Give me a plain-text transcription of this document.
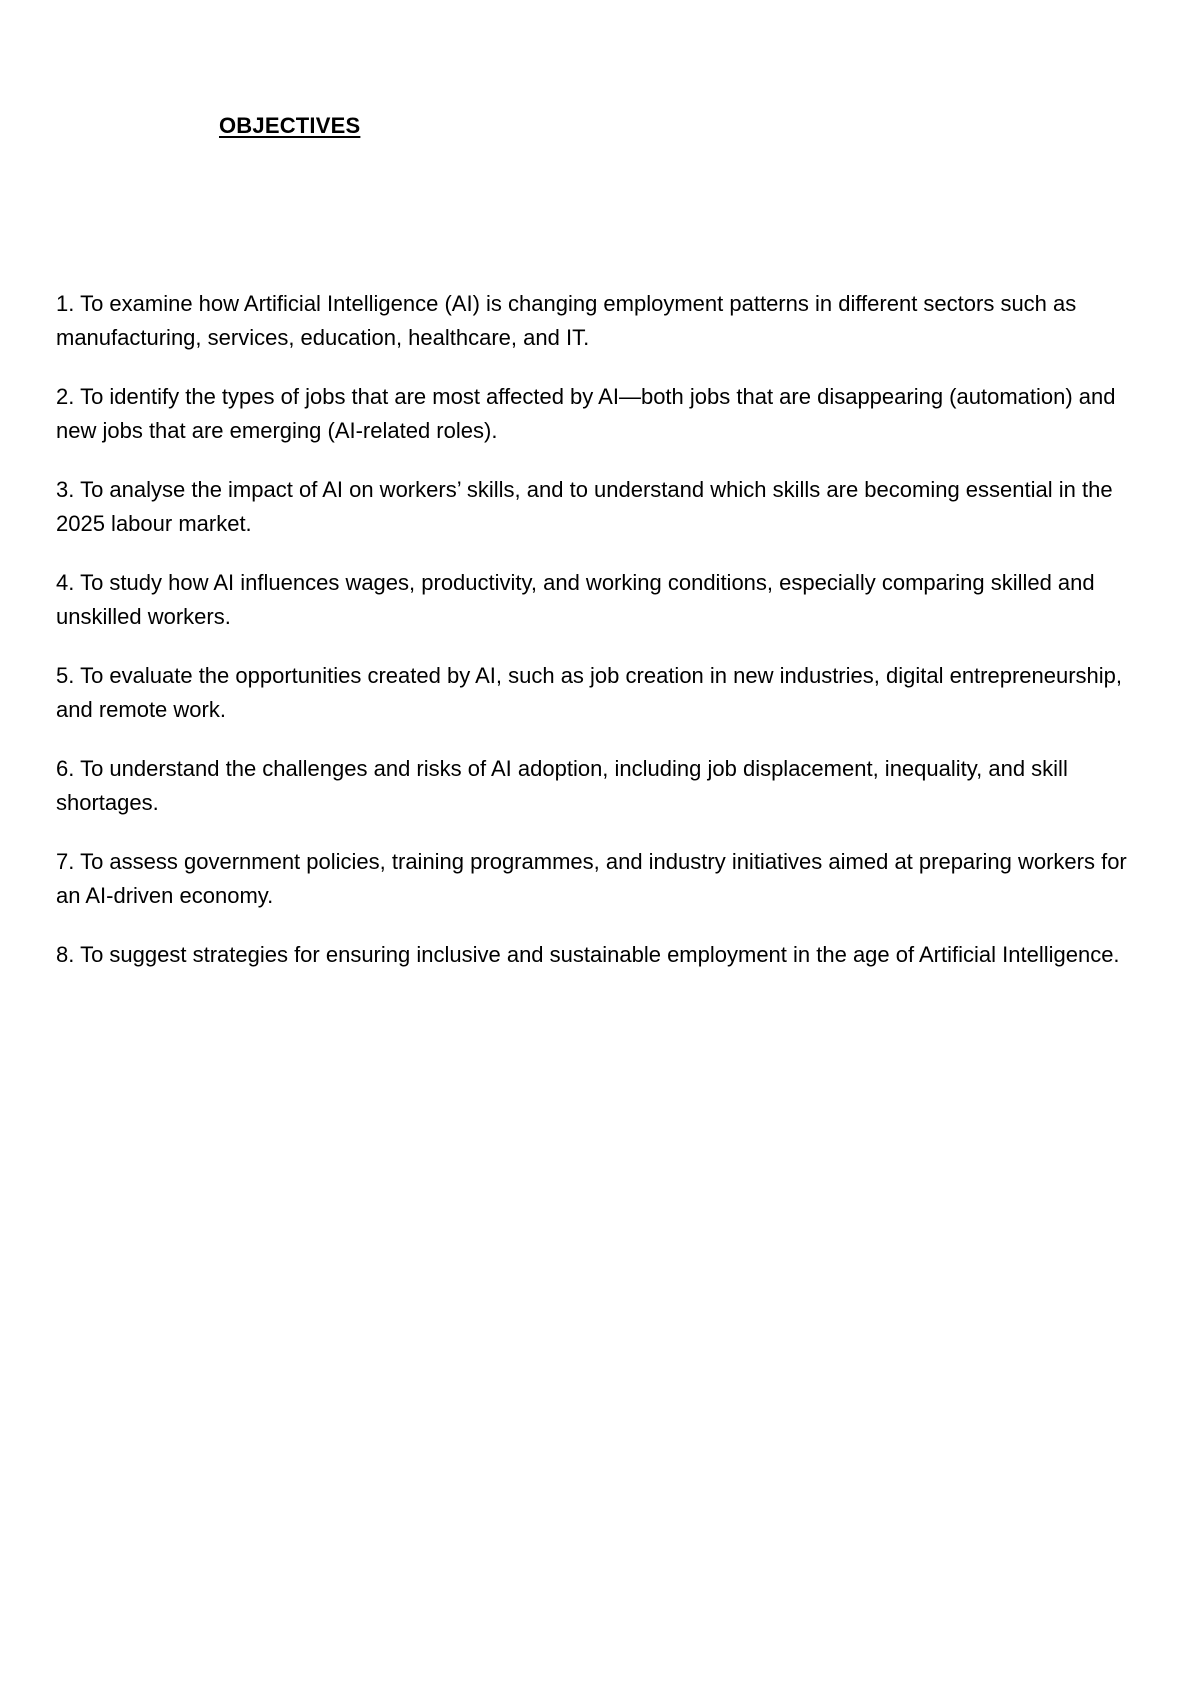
OBJECTIVES
1. To examine how Artificial Intelligence (AI) is changing employment patterns in different sectors such as manufacturing, services, education, healthcare, and IT.
2. To identify the types of jobs that are most affected by AI—both jobs that are disappearing (automation) and new jobs that are emerging (AI-related roles).
3. To analyse the impact of AI on workers’ skills, and to understand which skills are becoming essential in the 2025 labour market.
4. To study how AI influences wages, productivity, and working conditions, especially comparing skilled and unskilled workers.
5. To evaluate the opportunities created by AI, such as job creation in new industries, digital entrepreneurship, and remote work.
6. To understand the challenges and risks of AI adoption, including job displacement, inequality, and skill shortages.
7. To assess government policies, training programmes, and industry initiatives aimed at preparing workers for an AI-driven economy.
8. To suggest strategies for ensuring inclusive and sustainable employment in the age of Artificial Intelligence.
